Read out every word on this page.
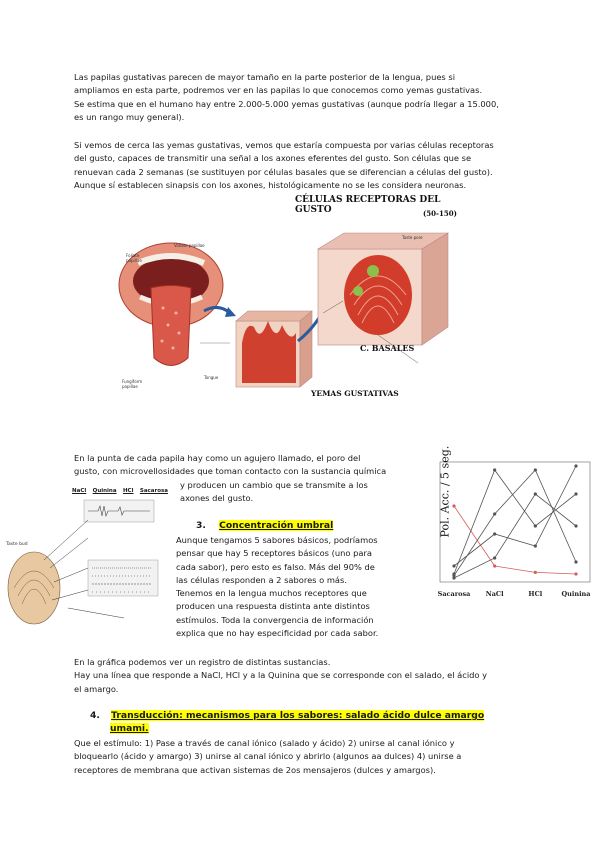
Las papilas gustativas parecen de mayor tamaño en la parte posterior de la lengua, pues si
ampliamos en esta parte, podremos ver en las papilas lo que conocemos como yemas gustativas.
Se estima que en el humano hay entre 2.000-5.000 yemas gustativas (aunque podría llegar a 15.000,
es un rango muy general).
Si vemos de cerca las yemas gustativas, vemos que estaría compuesta por varias células receptoras
del gusto, capaces de transmitir una señal a los axones eferentes del gusto. Son células que se
renuevan cada 2 semanas (se sustituyen por células basales que se diferencian a células del gusto).
Aunque sí establecen sinapsis con los axones, histológicamente no se les considera neuronas.
CÉLULAS RECEPTORAS DEL GUSTO	(50-150)
C. BASALES
YEMAS GUSTATIVAS
Vallate papillae
Foliate papillae
Fungiform papillae
Tongue
Taste pore
En la punta de cada papila hay como un agujero llamado, el poro del
gusto, con microvellosidades que toman contacto con la sustancia química
y producen un cambio que se transmite a los
axones del gusto.
NaCl Quinina HCl Sacarosa
Taste bud
3. Concentración umbral
Aunque tengamos 5 sabores básicos, podríamos
pensar que hay 5 receptores básicos (uno para
cada sabor), pero esto es falso. Más del 90% de
las células responden a 2 sabores o más.
Tenemos en la lengua muchos receptores que
producen una respuesta distinta ante distintos
estímulos. Toda la convergencia de información
explica que no hay especificidad por cada sabor.
Sacarosa NaCl	HCl	Quinina
Pol. Acc. / 5 seg.
En la gráfica podemos ver un registro de distintas sustancias.
Hay una línea que responde a NaCl, HCl y a la Quinina que se corresponde con el salado, el ácido y
el amargo.
4. Transducción: mecanismos para los sabores: salado ácido dulce amargo
umami.
Que el estímulo: 1) Pase a través de canal iónico (salado y ácido) 2) unirse al canal iónico y
bloquearlo (ácido y amargo) 3) unirse al canal iónico y abrirlo (algunos aa dulces) 4) unirse a
receptores de membrana que activan sistemas de 2os mensajeros (dulces y amargos).
